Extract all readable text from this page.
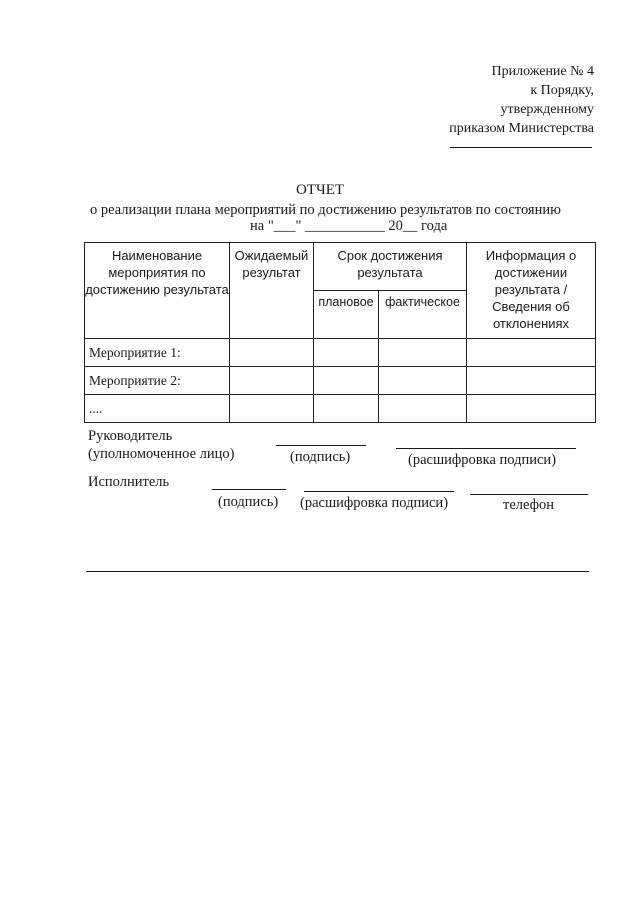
Приложение № 4
к Порядку,
утвержденному
приказом Министерства
ОТЧЕТ
о реализации плана мероприятий по достижению результатов по состоянию
на "___" ___________ 20__ года
Наименование мероприятия по достижению результата	Ожидаемый результат	Срок достижения результата		Информация о достижении результата / Сведения об отклонениях
		плановое	фактическое	
Мероприятие 1:				
Мероприятие 2:				
....				
Руководитель
(уполномоченное лицо)	(подпись)	(расшифровка подписи)
Исполнитель
(подпись) (расшифровка подписи)	телефон
